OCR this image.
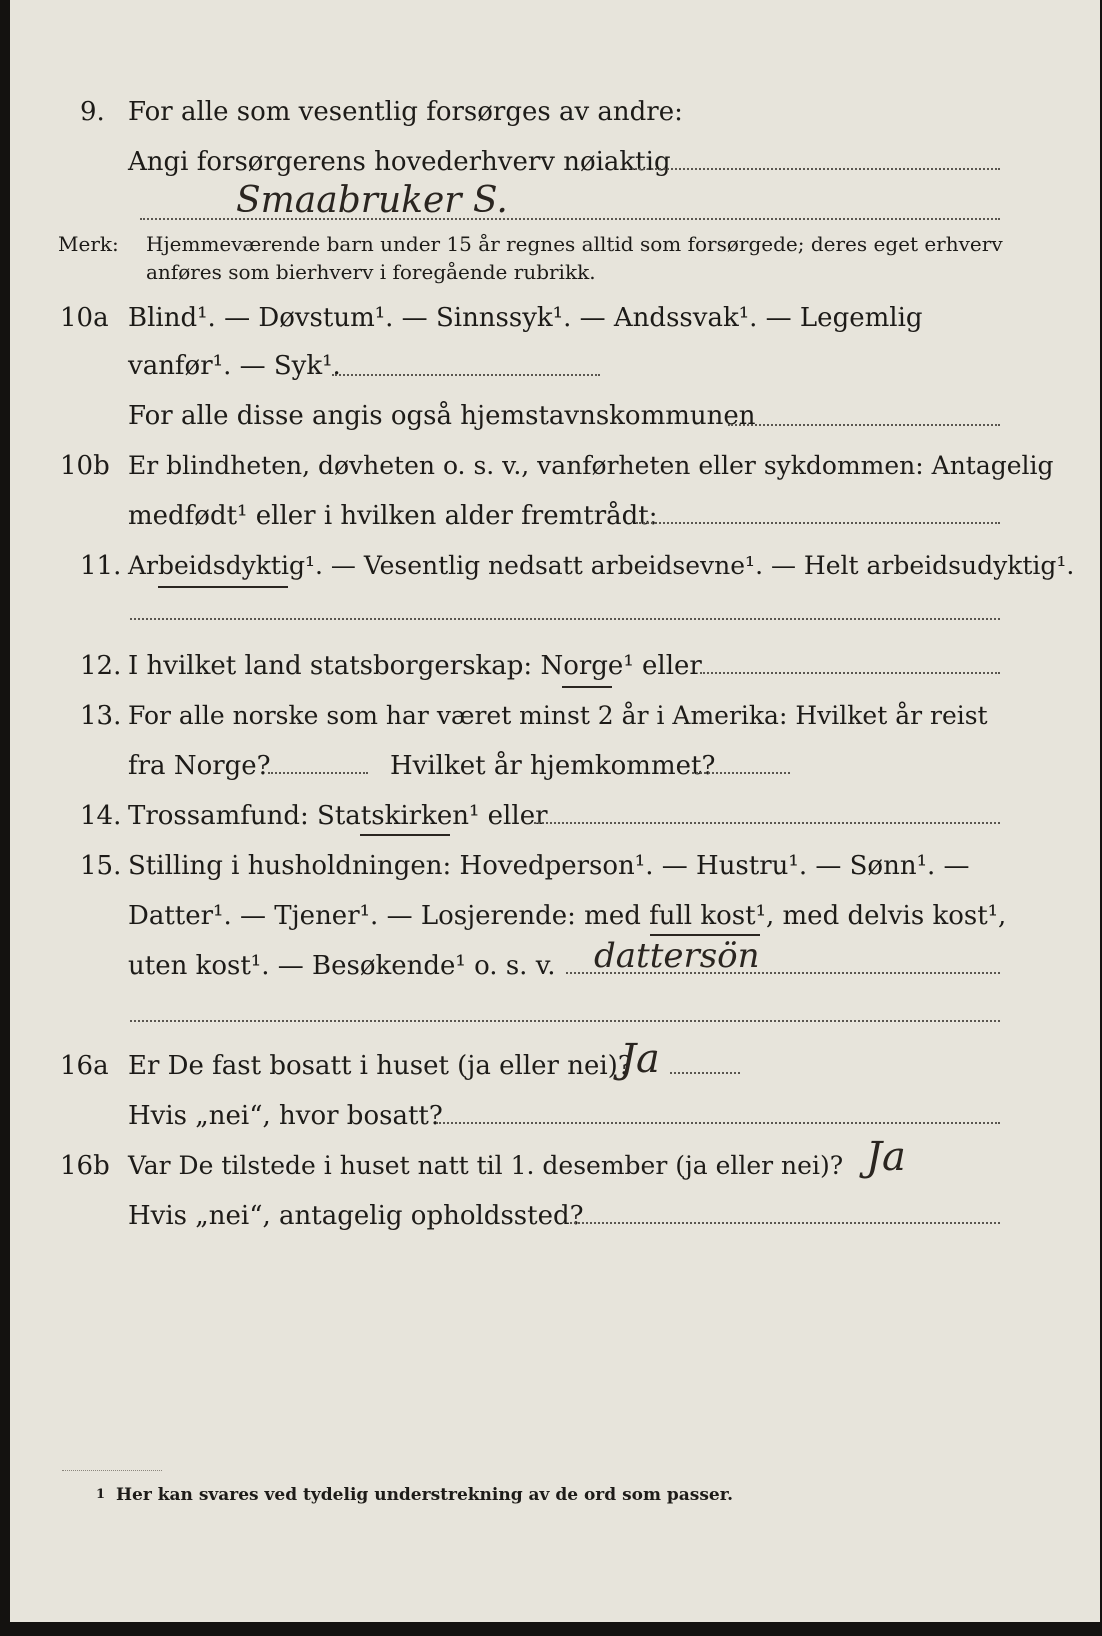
9. For alle som vesentlig forsørges av andre:
Angi forsørgerens hovederhverv nøiaktig
Smaabruker S.
Merk: Hjemmeværende barn under 15 år regnes alltid som forsørgede; deres eget erhverv
anføres som bierhverv i foregående rubrikk.
10a Blind¹. — Døvstum¹. — Sinnssyk¹. — Andssvak¹. — Legemlig
vanfør¹. — Syk¹.
For alle disse angis også hjemstavnskommunen
10b Er blindheten, døvheten o. s. v., vanførheten eller sykdommen: Antagelig
medfødt¹ eller i hvilken alder fremtrådt:
11. Arbeidsdyktig¹. — Vesentlig nedsatt arbeidsevne¹. — Helt arbeidsudyktig¹.
12. I hvilket land statsborgerskap: Norge¹ eller
13. For alle norske som har været minst 2 år i Amerika: Hvilket år reist
fra Norge?	Hvilket år hjemkommet?
14. Trossamfund: Statskirken¹ eller
15. Stilling i husholdningen: Hovedperson¹. — Hustru¹. — Sønn¹. —
Datter¹. — Tjener¹. — Losjerende: med full kost¹, med delvis kost¹,
uten kost¹. — Besøkende¹ o. s. v. dattersön
16a Er De fast bosatt i huset (ja eller nei)?
Ja
Hvis „nei“, hvor bosatt?
16b Var De tilstede i huset natt til 1. desember (ja eller nei)? Ja
Hvis „nei“, antagelig opholdssted?
1 Her kan svares ved tydelig understrekning av de ord som passer.
